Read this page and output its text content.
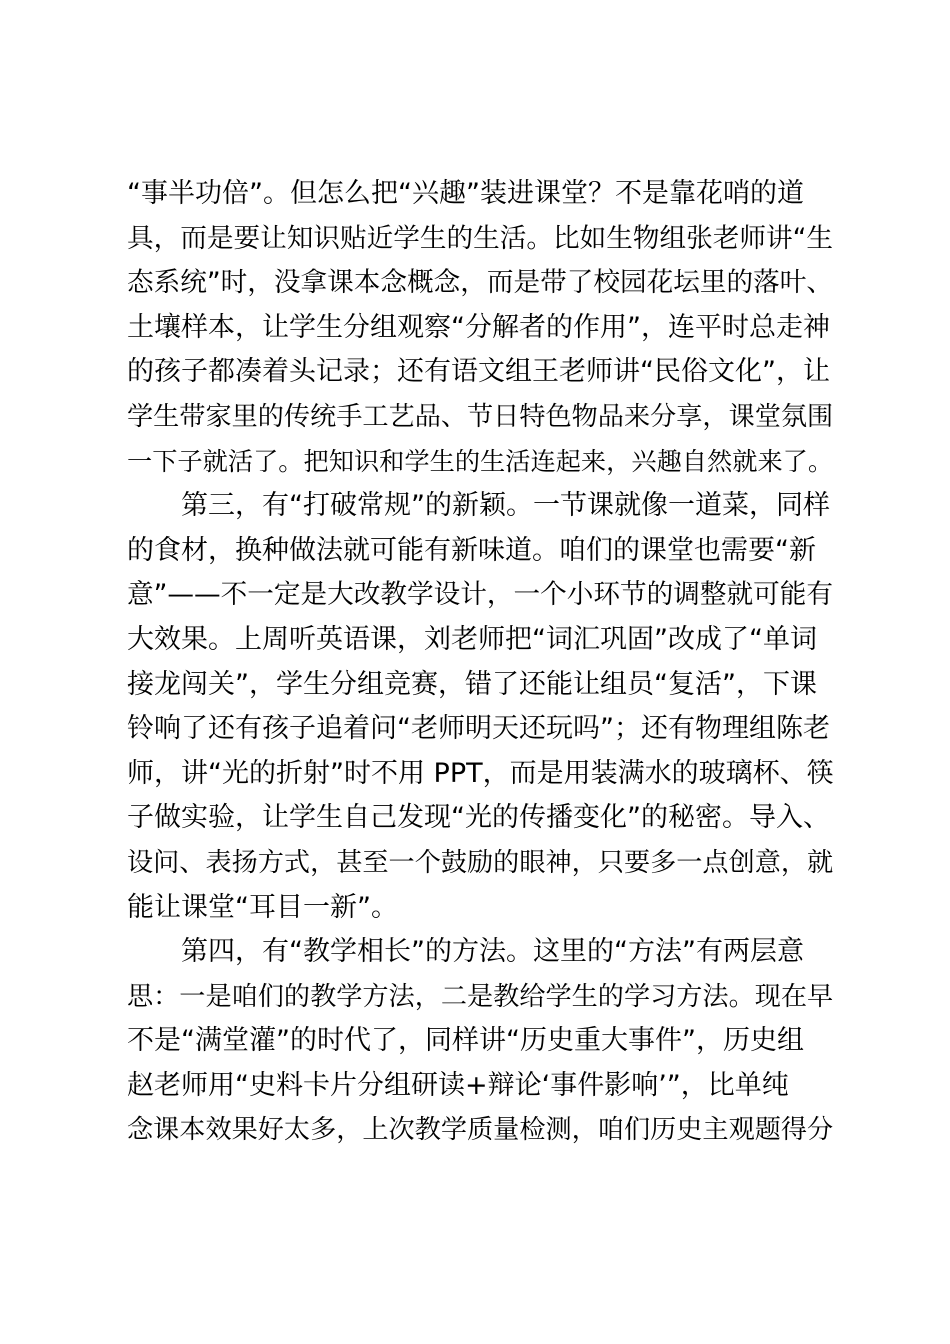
“事半功倍”。但怎么把“兴趣”装进课堂？不是靠花哨的道
具，而是要让知识贴近学生的生活。比如生物组张老师讲“生
态系统”时，没拿课本念概念，而是带了校园花坛里的落叶、
土壤样本，让学生分组观察“分解者的作用”，连平时总走神
的孩子都凑着头记录；还有语文组王老师讲“民俗文化”，让
学生带家里的传统手工艺品、节日特色物品来分享，课堂氛围
一下子就活了。把知识和学生的生活连起来，兴趣自然就来了。
　　第三，有“打破常规”的新颖。一节课就像一道菜，同样
的食材，换种做法就可能有新味道。咱们的课堂也需要“新
意”——不一定是大改教学设计，一个小环节的调整就可能有
大效果。上周听英语课，刘老师把“词汇巩固”改成了“单词
接龙闯关”，学生分组竞赛，错了还能让组员“复活”，下课
铃响了还有孩子追着问“老师明天还玩吗”；还有物理组陈老
师，讲“光的折射”时不用 PPT，而是用装满水的玻璃杯、筷
子做实验，让学生自己发现“光的传播变化”的秘密。导入、
设问、表扬方式，甚至一个鼓励的眼神，只要多一点创意，就
能让课堂“耳目一新”。
　　第四，有“教学相长”的方法。这里的“方法”有两层意
思：一是咱们的教学方法，二是教给学生的学习方法。现在早
不是“满堂灌”的时代了，同样讲“历史重大事件”，历史组
赵老师用“史料卡片分组研读+辩论‘事件影响’”，比单纯
念课本效果好太多，上次教学质量检测，咱们历史主观题得分
